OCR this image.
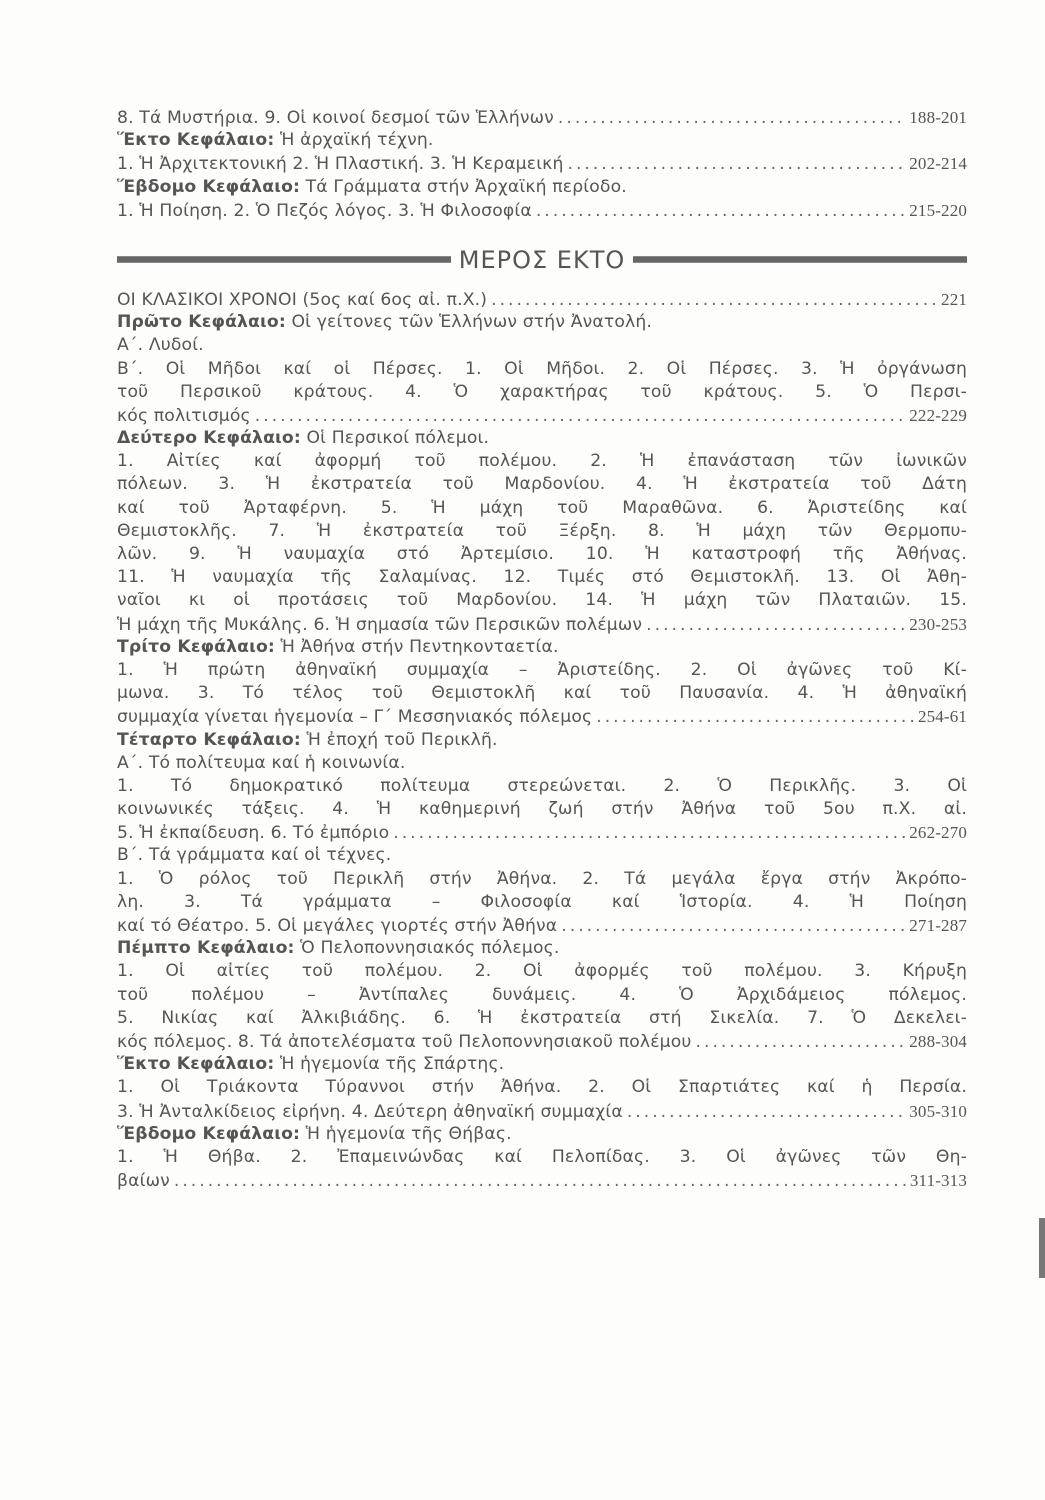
8. Τά Μυστήρια. 9. Οἱ κοινοί δεσμοί τῶν Ἑλλήνων .....	188-201
Ἕκτο Κεφάλαιο: Ἡ ἀρχαϊκή τέχνη.
1. Ἡ Ἀρχιτεκτονική 2. Ἡ Πλαστική. 3. Ἡ Κεραμεική .....	202-214
Ἕβδομο Κεφάλαιο: Τά Γράμματα στήν Ἀρχαϊκή περίοδο.
1. Ἡ Ποίηση. 2. Ὁ Πεζός λόγος. 3. Ἡ Φιλοσοφία .....	215-220
ΜΕΡΟΣ ΕΚΤΟ
ΟΙ ΚΛΑΣΙΚΟΙ ΧΡΟΝΟΙ (5ος καί 6ος αἰ. π.Χ.) .....	221
Πρῶτο Κεφάλαιο: Οἱ γείτονες τῶν Ἑλλήνων στήν Ἀνατολή.
Α΄. Λυδοί.
Β΄. Οἱ Μῆδοι καί οἱ Πέρσες. 1. Οἱ Μῆδοι. 2. Οἱ Πέρσες. 3. Ἡ ὀργάνωση
τοῦ Περσικοῦ κράτους. 4. Ὁ χαρακτήρας τοῦ κράτους. 5. Ὁ Περσι-
κός πολιτισμός .....	222-229
Δεύτερο Κεφάλαιο: Οἱ Περσικοί πόλεμοι.
1. Αἰτίες καί ἀφορμή τοῦ πολέμου. 2. Ἡ ἐπανάσταση τῶν ἰωνικῶν
πόλεων. 3. Ἡ ἐκστρατεία τοῦ Μαρδονίου. 4. Ἡ ἐκστρατεία τοῦ Δάτη
καί τοῦ Ἀρταφέρνη. 5. Ἡ μάχη τοῦ Μαραθῶνα. 6. Ἀριστείδης καί
Θεμιστοκλῆς. 7. Ἡ ἐκστρατεία τοῦ Ξέρξη. 8. Ἡ μάχη τῶν Θερμοπυ-
λῶν. 9. Ἡ ναυμαχία στό Ἀρτεμίσιο. 10. Ἡ καταστροφή τῆς Ἀθήνας.
11. Ἡ ναυμαχία τῆς Σαλαμίνας. 12. Τιμές στό Θεμιστοκλῆ. 13. Οἱ Ἀθη-
ναῖοι κι οἱ προτάσεις τοῦ Μαρδονίου. 14. Ἡ μάχη τῶν Πλαταιῶν. 15.
Ἡ μάχη τῆς Μυκάλης. 6. Ἡ σημασία τῶν Περσικῶν πολέμων .....	230-253
Τρίτο Κεφάλαιο: Ἡ Ἀθήνα στήν Πεντηκονταετία.
1. Ἡ πρώτη ἀθηναϊκή συμμαχία – Ἀριστείδης. 2. Οἱ ἀγῶνες τοῦ Κί-
μωνα. 3. Τό τέλος τοῦ Θεμιστοκλῆ καί τοῦ Παυσανία. 4. Ἡ ἀθηναϊκή
συμμαχία γίνεται ἡγεμονία – Γ΄ Μεσσηνιακός πόλεμος .....	254-61
Τέταρτο Κεφάλαιο: Ἡ ἐποχή τοῦ Περικλῆ.
Α΄. Τό πολίτευμα καί ἡ κοινωνία.
1. Τό δημοκρατικό πολίτευμα στερεώνεται. 2. Ὁ Περικλῆς. 3. Οἱ
κοινωνικές τάξεις. 4. Ἡ καθημερινή ζωή στήν Ἀθήνα τοῦ 5ου π.Χ. αἰ.
5. Ἡ ἐκπαίδευση. 6. Τό ἐμπόριο .....	262-270
Β΄. Τά γράμματα καί οἱ τέχνες.
1. Ὁ ρόλος τοῦ Περικλῆ στήν Ἀθήνα. 2. Τά μεγάλα ἔργα στήν Ἀκρόπο-
λη. 3. Τά γράμματα – Φιλοσοφία καί Ἱστορία. 4. Ἡ Ποίηση
καί τό Θέατρο. 5. Οἱ μεγάλες γιορτές στήν Ἀθήνα .....	271-287
Πέμπτο Κεφάλαιο: Ὁ Πελοποννησιακός πόλεμος.
1. Οἱ αἰτίες τοῦ πολέμου. 2. Οἱ ἀφορμές τοῦ πολέμου. 3. Κήρυξη
τοῦ πολέμου – Ἀντίπαλες δυνάμεις. 4. Ὁ Ἀρχιδάμειος πόλεμος.
5. Νικίας καί Ἀλκιβιάδης. 6. Ἡ ἐκστρατεία στή Σικελία. 7. Ὁ Δεκελει-
κός πόλεμος. 8. Τά ἀποτελέσματα τοῦ Πελοποννησιακοῦ πολέμου .....	288-304
Ἕκτο Κεφάλαιο: Ἡ ἡγεμονία τῆς Σπάρτης.
1. Οἱ Τριάκοντα Τύραννοι στήν Ἀθήνα. 2. Οἱ Σπαρτιάτες καί ἡ Περσία.
3. Ἡ Ἀνταλκίδειος εἰρήνη. 4. Δεύτερη ἀθηναϊκή συμμαχία .....	305-310
Ἕβδομο Κεφάλαιο: Ἡ ἡγεμονία τῆς Θήβας.
1. Ἡ Θήβα. 2. Ἐπαμεινώνδας καί Πελοπίδας. 3. Οἱ ἀγῶνες τῶν Θη-
βαίων .....	311-313
